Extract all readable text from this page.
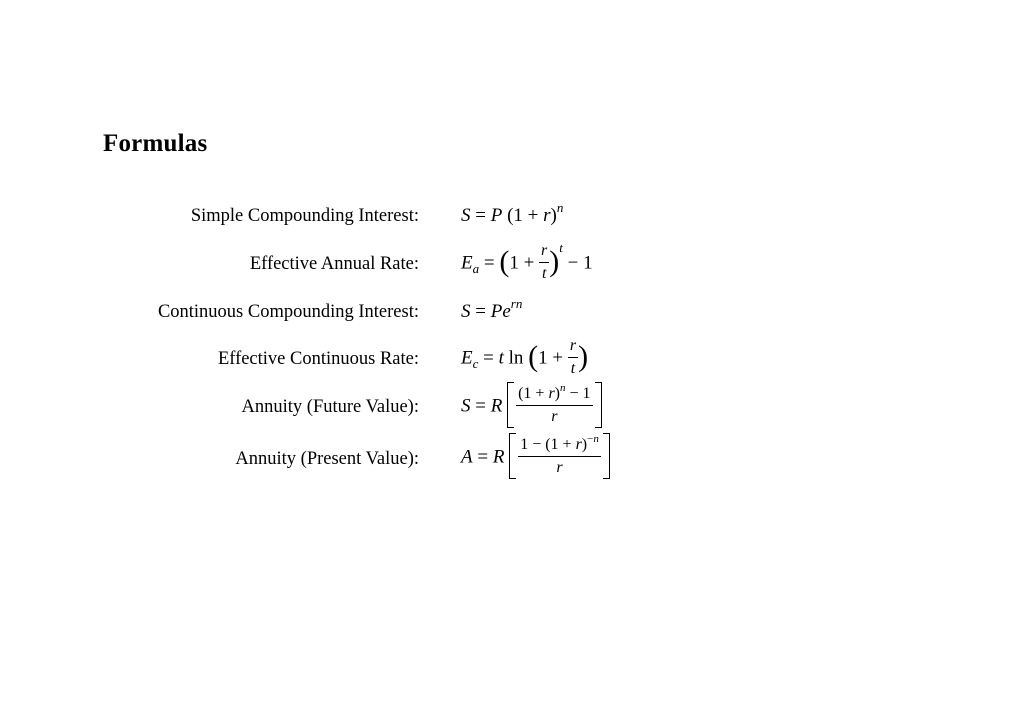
Formulas
Simple Compounding Interest: S = P $(1 + r)^n$
Effective Annual Rate: $E_a = (1 + \frac{r}{t} )^t - 1$
Continuous Compounding Interest: $S = Pe^{rn}$
Effective Continuous Rate: $E_c = t$ $\ln (1 + \frac{r}{t}$ )
Annuity (Future Value): S = R $\frac{(1 + r)^n - 1}{r}$
Annuity (Present Value): A = R $\frac{1 - (1 + r)^{-n}}{r}$
